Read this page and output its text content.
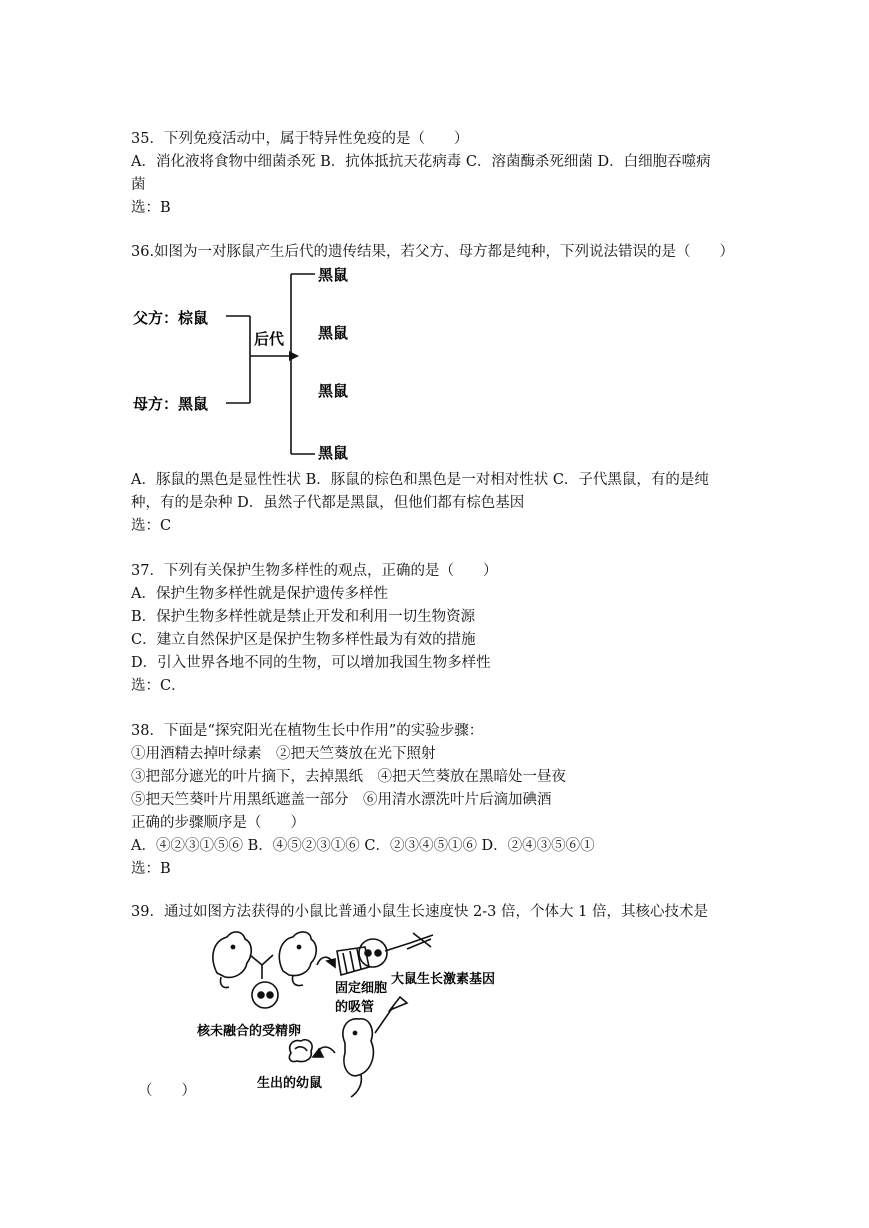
35．下列免疫活动中，属于特异性免疫的是（　　）
A．消化液将食物中细菌杀死 B．抗体抵抗天花病毒 C．溶菌酶杀死细菌 D．白细胞吞噬病
菌
选：B
36.如图为一对豚鼠产生后代的遗传结果，若父方、母方都是纯种，下列说法错误的是（　　）
父方：棕鼠
母方：黑鼠
后代
黑鼠
黑鼠
黑鼠
黑鼠
A．豚鼠的黑色是显性性状 B．豚鼠的棕色和黑色是一对相对性状 C．子代黑鼠，有的是纯
种，有的是杂种 D．虽然子代都是黑鼠，但他们都有棕色基因
选：C
37．下列有关保护生物多样性的观点，正确的是（　　）
A．保护生物多样性就是保护遗传多样性
B．保护生物多样性就是禁止开发和利用一切生物资源
C．建立自然保护区是保护生物多样性最为有效的措施
D．引入世界各地不同的生物，可以增加我国生物多样性
选：C．
38．下面是“探究阳光在植物生长中作用”的实验步骤：
①用酒精去掉叶绿素　②把天竺葵放在光下照射
③把部分遮光的叶片摘下，去掉黑纸　④把天竺葵放在黑暗处一昼夜
⑤把天竺葵叶片用黑纸遮盖一部分　⑥用清水漂洗叶片后滴加碘酒
正确的步骤顺序是（　　）
A．④②③①⑤⑥ B．④⑤②③①⑥ C．②③④⑤①⑥ D．②④③⑤⑥①
选：B
39．通过如图方法获得的小鼠比普通小鼠生长速度快 2-3 倍，个体大 1 倍，其核心技术是
大鼠生长激素基因
固定细胞
的吸管
核未融合的受精卵
生出的幼鼠
（　　）
